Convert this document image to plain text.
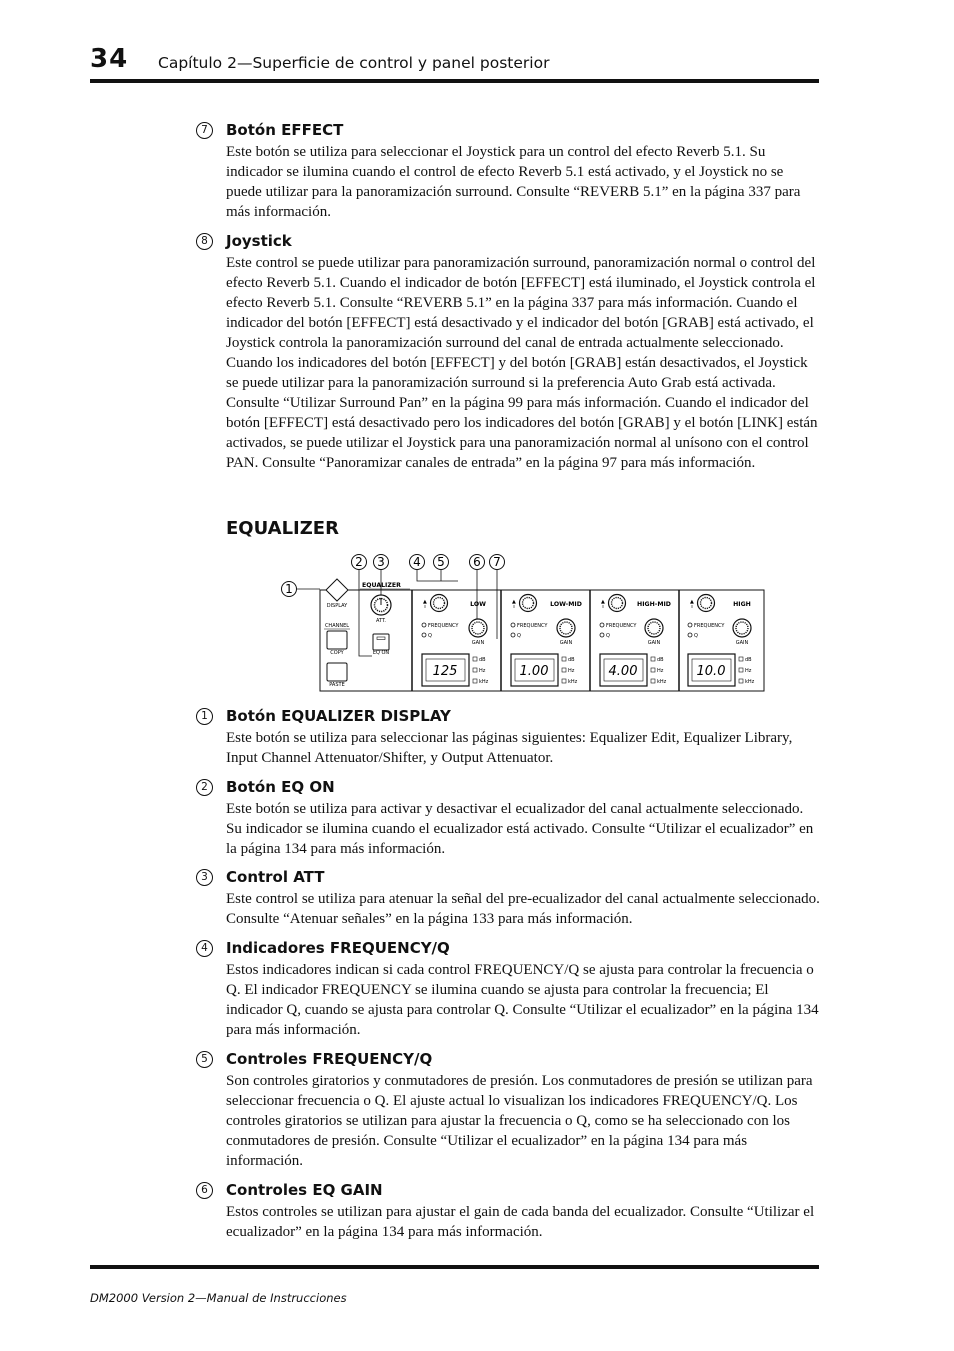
34 Capítulo 2—Superficie de control y panel posterior
7	Botón EFFECT
Este botón se utiliza para seleccionar el Joystick para un control del efecto Reverb 5.1. Su indicador se ilumina cuando el control de efecto Reverb 5.1 está activado, y el Joystick no se puede utilizar para la panoramización surround. Consulte “REVERB 5.1” en la página 337 para más información.
8	Joystick
Este control se puede utilizar para panoramización surround, panoramización normal o control del efecto Reverb 5.1. Cuando el indicador de botón [EFFECT] está iluminado, el Joystick controla el efecto Reverb 5.1. Consulte “REVERB 5.1” en la página 337 para más información. Cuando el indicador del botón [EFFECT] está desactivado y el indicador del botón [GRAB] está activado, el Joystick controla la panoramización surround del canal de entrada actualmente seleccionado. Cuando los indicadores del botón [EFFECT] y del botón [GRAB] están desactivados, el Joystick se puede utilizar para la panoramización surround si la preferencia Auto Grab está activada. Consulte “Utilizar Surround Pan” en la página 99 para más información. Cuando el indicador del botón [EFFECT] está desactivado pero los indicadores del botón [GRAB] y el botón [LINK] están activados, se puede utilizar el Joystick para una panoramización normal al unísono con el control PAN. Consulte “Panoramizar canales de entrada” en la página 97 para más información.
EQUALIZER
1
2 3 4 5 6 7
EQUALIZER
DISPLAY
ATT.
CHANNEL
COPY
PASTE
EQ ON
▲	LOW
FREQUENCY
Q
GAIN
125
dB
Hz
kHz
▲	LOW-MID
FREQUENCY
Q
GAIN
1.00
dB
Hz
kHz
▲	HIGH-MID
FREQUENCY
Q
GAIN
4.00
dB
Hz
kHz
▲	HIGH
FREQUENCY
Q
GAIN
10.0
dB
Hz
kHz
1	Botón EQUALIZER DISPLAY
Este botón se utiliza para seleccionar las páginas siguientes: Equalizer Edit, Equalizer Library, Input Channel Attenuator/Shifter, y Output Attenuator.
2	Botón EQ ON
Este botón se utiliza para activar y desactivar el ecualizador del canal actualmente seleccionado. Su indicador se ilumina cuando el ecualizador está activado. Consulte “Utilizar el ecualizador” en la página 134 para más información.
3	Control ATT
Este control se utiliza para atenuar la señal del pre-ecualizador del canal actualmente seleccionado. Consulte “Atenuar señales” en la página 133 para más información.
4	Indicadores FREQUENCY/Q
Estos indicadores indican si cada control FREQUENCY/Q se ajusta para controlar la frecuencia o Q. El indicador FREQUENCY se ilumina cuando se ajusta para controlar la frecuencia; El indicador Q, cuando se ajusta para controlar Q. Consulte “Utilizar el ecualizador” en la página 134 para más información.
5	Controles FREQUENCY/Q
Son controles giratorios y conmutadores de presión. Los conmutadores de presión se utilizan para seleccionar frecuencia o Q. El ajuste actual lo visualizan los indicadores FREQUENCY/Q. Los controles giratorios se utilizan para ajustar la frecuencia o Q, como se ha seleccionado con los conmutadores de presión. Consulte “Utilizar el ecualizador” en la página 134 para más información.
6	Controles EQ GAIN
Estos controles se utilizan para ajustar el gain de cada banda del ecualizador. Consulte “Utilizar el ecualizador” en la página 134 para más información.
DM2000 Version 2—Manual de Instrucciones
